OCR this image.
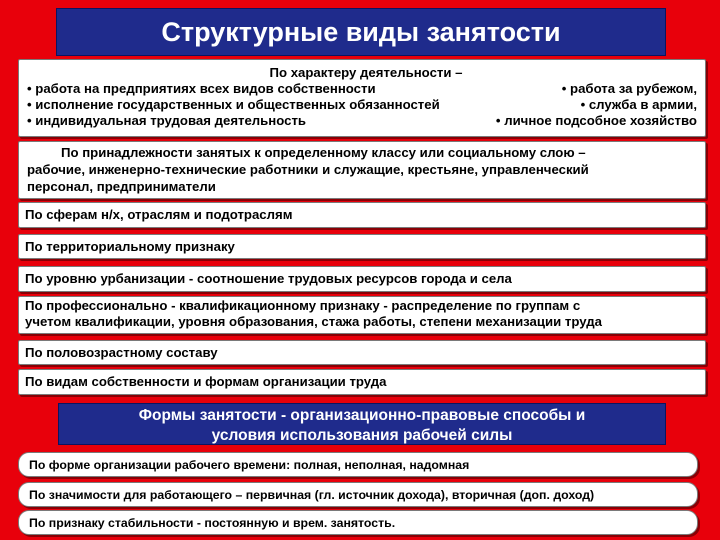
Структурные виды занятости
По характеру деятельности –
• работа на предприятиях всех видов собственности	• работа за рубежом,
• исполнение государственных и общественных обязанностей	• служба в армии,
• индивидуальная трудовая деятельность	• личное подсобное хозяйство
По принадлежности занятых к определенному классу или социальному слою –
рабочие, инженерно-технические работники и служащие, крестьяне, управленческий
персонал, предприниматели
По сферам н/х, отраслям и подотраслям
По территориальному признаку
По уровню урбанизации - соотношение трудовых ресурсов города и села
По профессионально - квалификационному признаку - распределение по группам с
учетом квалификации, уровня образования, стажа работы, степени механизации труда
По половозрастному составу
По видам собственности и формам организации труда
Формы занятости - организационно-правовые способы и
условия использования рабочей силы
По форме организации рабочего времени: полная, неполная, надомная
По значимости для работающего – первичная (гл. источник дохода), вторичная (доп. доход)
По признаку стабильности - постоянную и врем. занятость.
